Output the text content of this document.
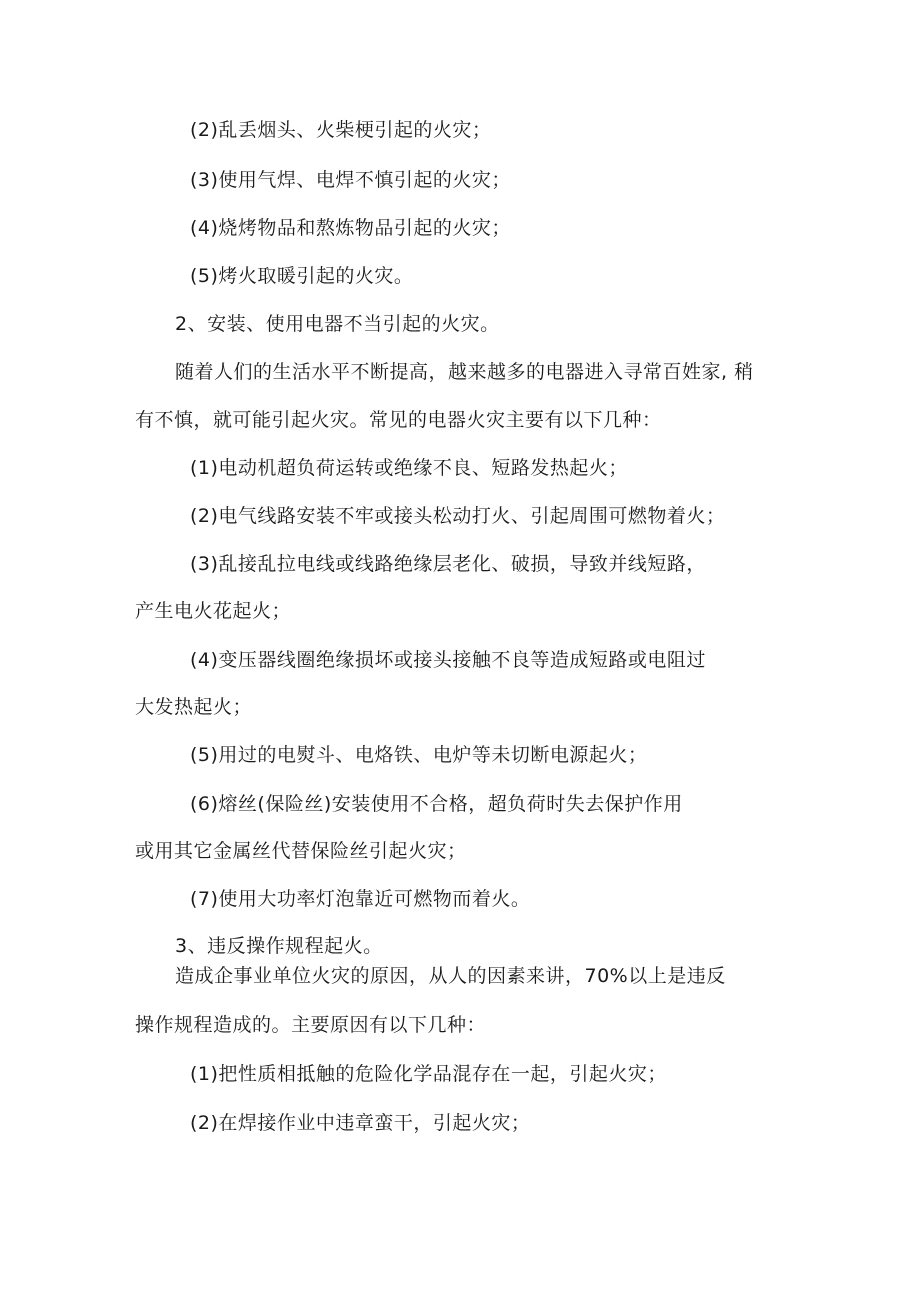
(2)乱丢烟头、火柴梗引起的火灾；
(3)使用气焊、电焊不慎引起的火灾；
(4)烧烤物品和熬炼物品引起的火灾；
(5)烤火取暖引起的火灾。
2、安装、使用电器不当引起的火灾。
随着人们的生活水平不断提高，越来越多的电器进入寻常百姓家, 稍
有不慎，就可能引起火灾。常见的电器火灾主要有以下几种：
(1)电动机超负荷运转或绝缘不良、短路发热起火；
(2)电气线路安装不牢或接头松动打火、引起周围可燃物着火；
(3)乱接乱拉电线或线路绝缘层老化、破损，导致并线短路，
产生电火花起火；
(4)变压器线圈绝缘损坏或接头接触不良等造成短路或电阻过
大发热起火；
(5)用过的电熨斗、电烙铁、电炉等未切断电源起火；
(6)熔丝(保险丝)安装使用不合格，超负荷时失去保护作用
或用其它金属丝代替保险丝引起火灾；
(7)使用大功率灯泡靠近可燃物而着火。
3、违反操作规程起火。
造成企事业单位火灾的原因，从人的因素来讲，70%以上是违反
操作规程造成的。主要原因有以下几种：
(1)把性质相抵触的危险化学品混存在一起，引起火灾；
(2)在焊接作业中违章蛮干，引起火灾；
